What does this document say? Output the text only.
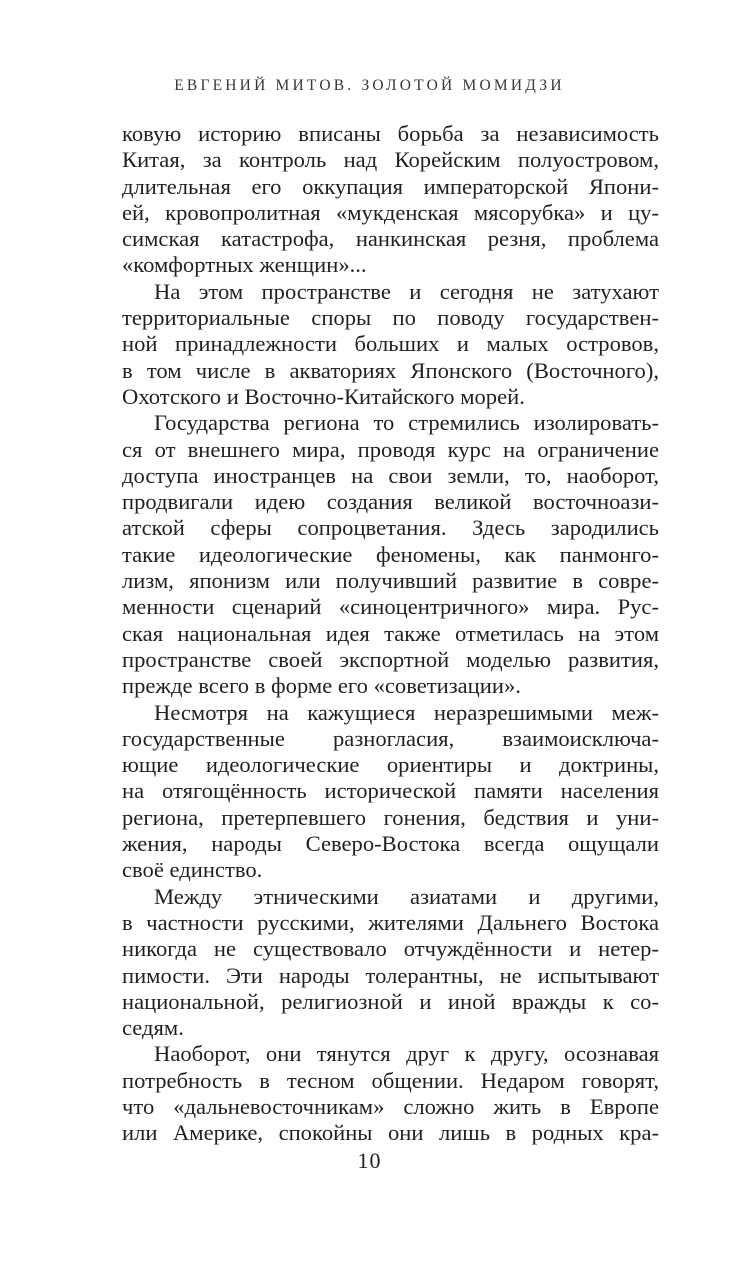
ЕВГЕНИЙ МИТОВ. ЗОЛОТОЙ МОМИДЗИ
ковую историю вписаны борьба за независимость
Китая, за контроль над Корейским полуостровом,
длительная его оккупация императорской Япони-
ей, кровопролитная «мукденская мясорубка» и цу-
симская катастрофа, нанкинская резня, проблема
«комфортных женщин»...
На этом пространстве и сегодня не затухают
территориальные споры по поводу государствен-
ной принадлежности больших и малых островов,
в том числе в акваториях Японского (Восточного),
Охотского и Восточно-Китайского морей.
Государства региона то стремились изолировать-
ся от внешнего мира, проводя курс на ограничение
доступа иностранцев на свои земли, то, наоборот,
продвигали идею создания великой восточноази-
атской сферы сопроцветания. Здесь зародились
такие идеологические феномены, как панмонго-
лизм, японизм или получивший развитие в совре-
менности сценарий «синоцентричного» мира. Рус-
ская национальная идея также отметилась на этом
пространстве своей экспортной моделью развития,
прежде всего в форме его «советизации».
Несмотря на кажущиеся неразрешимыми меж-
государственные разногласия, взаимоисключа-
ющие идеологические ориентиры и доктрины,
на отягощённость исторической памяти населения
региона, претерпевшего гонения, бедствия и уни-
жения, народы Северо-Востока всегда ощущали
своё единство.
Между этническими азиатами и другими,
в частности русскими, жителями Дальнего Востока
никогда не существовало отчуждённости и нетер-
пимости. Эти народы толерантны, не испытывают
национальной, религиозной и иной вражды к со-
седям.
Наоборот, они тянутся друг к другу, осознавая
потребность в тесном общении. Недаром говорят,
что «дальневосточникам» сложно жить в Европе
или Америке, спокойны они лишь в родных кра-
10
